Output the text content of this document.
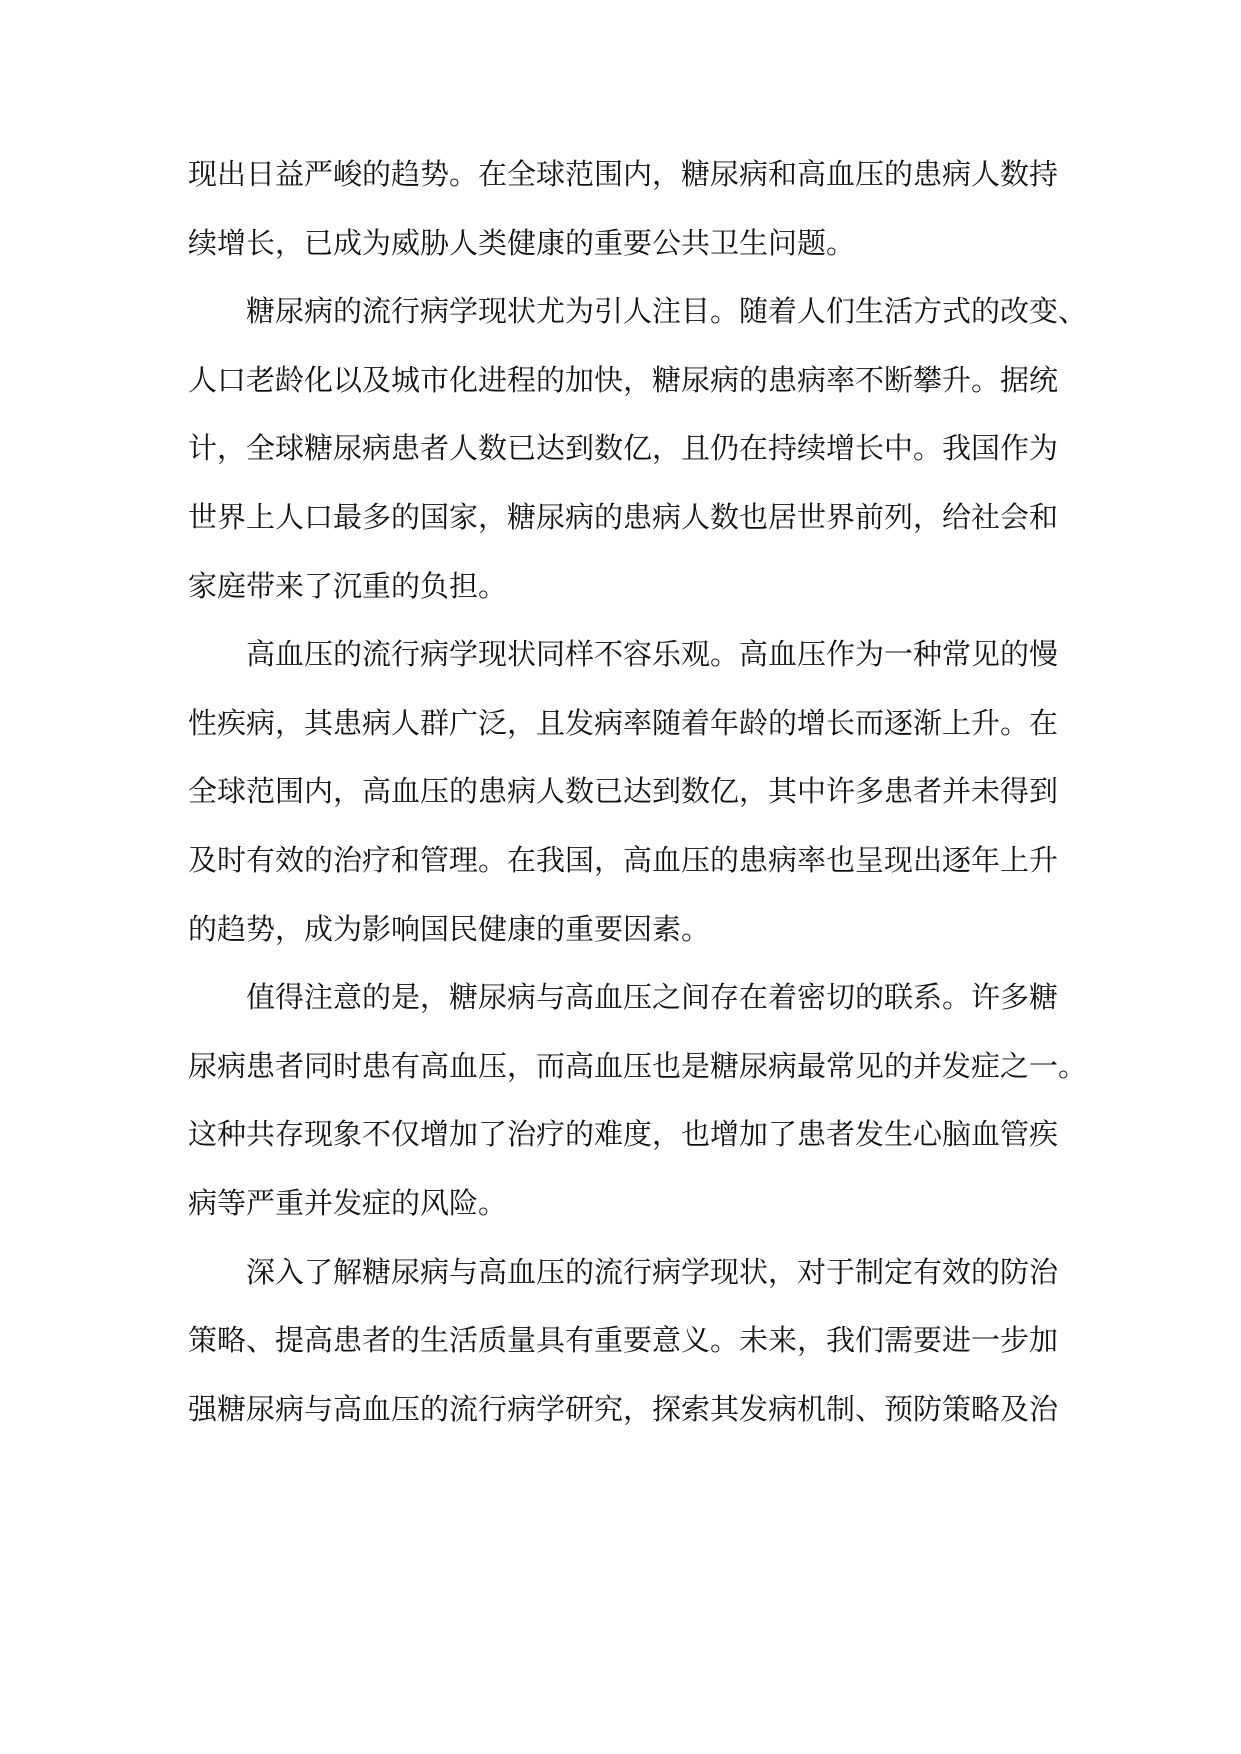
现出日益严峻的趋势。在全球范围内，糖尿病和高血压的患病人数持
续增长，已成为威胁人类健康的重要公共卫生问题。
糖尿病的流行病学现状尤为引人注目。随着人们生活方式的改变、
人口老龄化以及城市化进程的加快，糖尿病的患病率不断攀升。据统
计，全球糖尿病患者人数已达到数亿，且仍在持续增长中。我国作为
世界上人口最多的国家，糖尿病的患病人数也居世界前列，给社会和
家庭带来了沉重的负担。
高血压的流行病学现状同样不容乐观。高血压作为一种常见的慢
性疾病，其患病人群广泛，且发病率随着年龄的增长而逐渐上升。在
全球范围内，高血压的患病人数已达到数亿，其中许多患者并未得到
及时有效的治疗和管理。在我国，高血压的患病率也呈现出逐年上升
的趋势，成为影响国民健康的重要因素。
值得注意的是，糖尿病与高血压之间存在着密切的联系。许多糖
尿病患者同时患有高血压，而高血压也是糖尿病最常见的并发症之一。
这种共存现象不仅增加了治疗的难度，也增加了患者发生心脑血管疾
病等严重并发症的风险。
深入了解糖尿病与高血压的流行病学现状，对于制定有效的防治
策略、提高患者的生活质量具有重要意义。未来，我们需要进一步加
强糖尿病与高血压的流行病学研究，探索其发病机制、预防策略及治
